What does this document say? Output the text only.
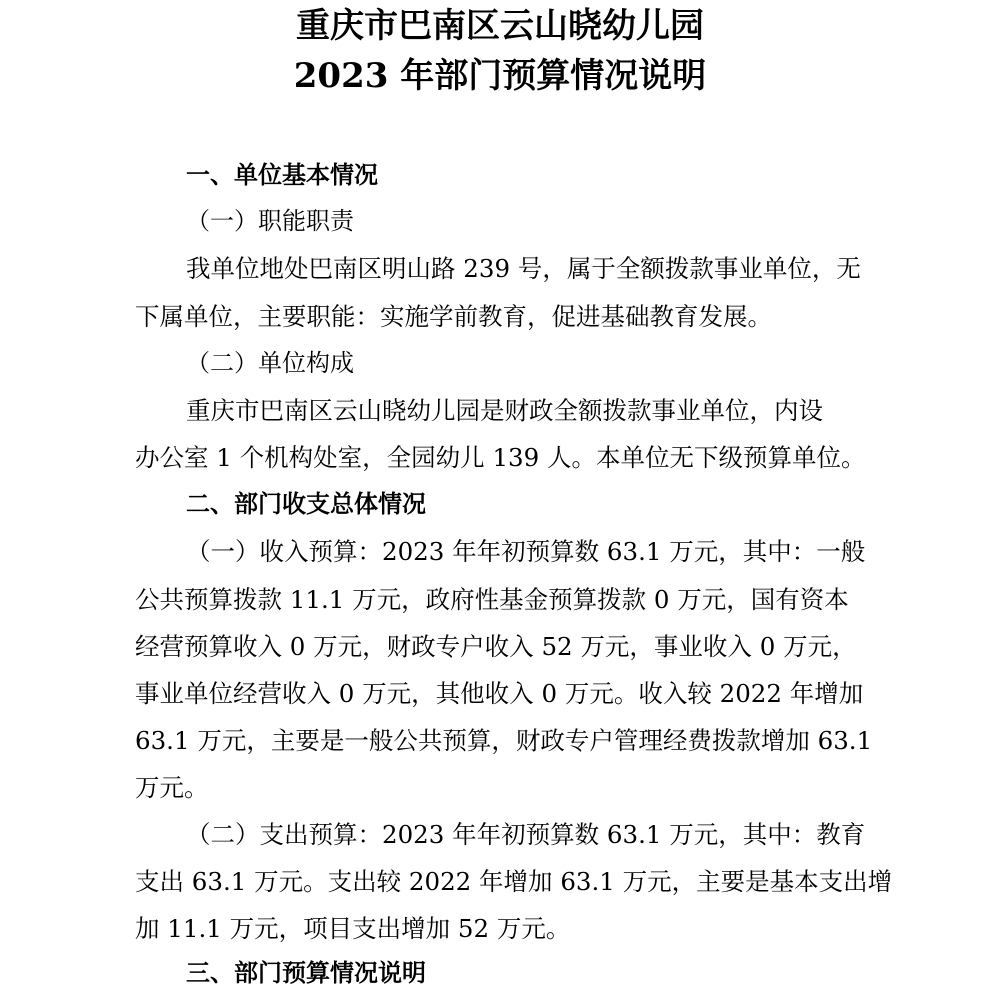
重庆市巴南区云山晓幼儿园
2023 年部门预算情况说明

一、单位基本情况

（一）职能职责

我单位地处巴南区明山路 239 号，属于全额拨款事业单位，无

下属单位，主要职能：实施学前教育，促进基础教育发展。

（二）单位构成

重庆市巴南区云山晓幼儿园是财政全额拨款事业单位，内设

办公室 1 个机构处室，全园幼儿 139 人。本单位无下级预算单位。

二、部门收支总体情况

（一）收入预算：2023 年年初预算数 63.1 万元，其中：一般

公共预算拨款 11.1 万元，政府性基金预算拨款 0 万元，国有资本

经营预算收入 0 万元，财政专户收入 52 万元，事业收入 0 万元，

事业单位经营收入 0 万元，其他收入 0 万元。收入较 2022 年增加

63.1 万元，主要是一般公共预算，财政专户管理经费拨款增加 63.1

万元。

（二）支出预算：2023 年年初预算数 63.1 万元，其中：教育

支出 63.1 万元。支出较 2022 年增加 63.1 万元，主要是基本支出增

加 11.1 万元，项目支出增加 52 万元。

三、部门预算情况说明
